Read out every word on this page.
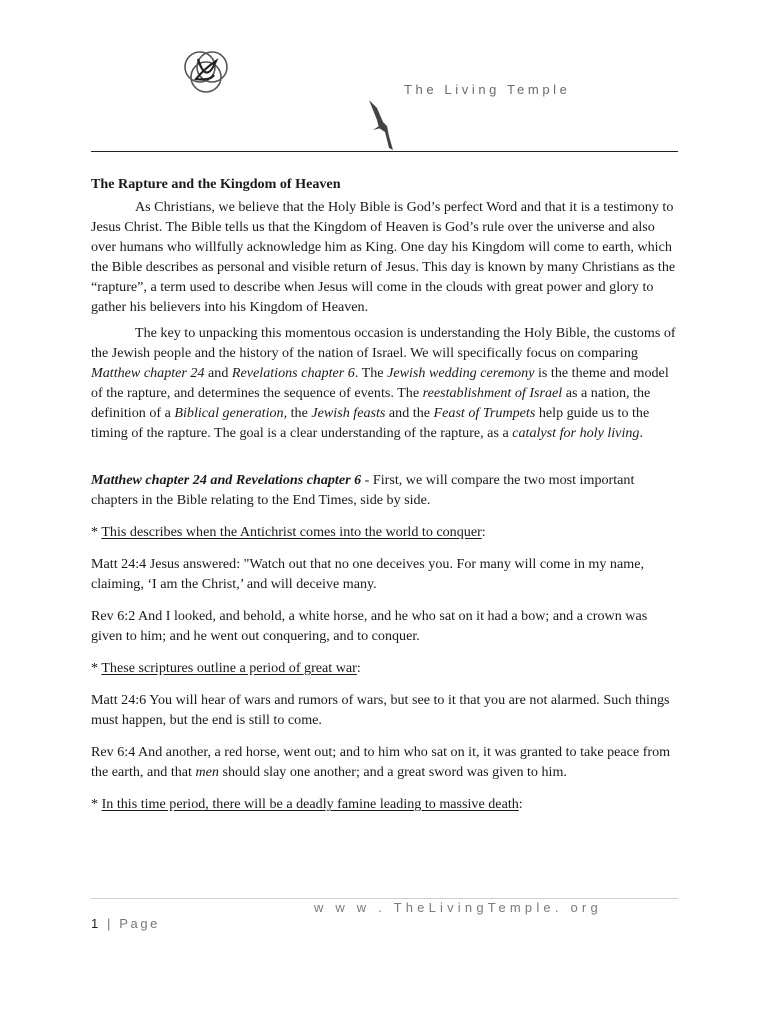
The Living Temple

The Rapture and the Kingdom of Heaven

As Christians, we believe that the Holy Bible is God’s perfect Word and that it is a testimony to Jesus Christ. The Bible tells us that the Kingdom of Heaven is God’s rule over the universe and also over humans who willfully acknowledge him as King. One day his Kingdom will come to earth, which the Bible describes as personal and visible return of Jesus. This day is known by many Christians as the “rapture”, a term used to describe when Jesus will come in the clouds with great power and glory to gather his believers into his Kingdom of Heaven.

The key to unpacking this momentous occasion is understanding the Holy Bible, the customs of the Jewish people and the history of the nation of Israel. We will specifically focus on comparing Matthew chapter 24 and Revelations chapter 6. The Jewish wedding ceremony is the theme and model of the rapture, and determines the sequence of events. The reestablishment of Israel as a nation, the definition of a Biblical generation, the Jewish feasts and the Feast of Trumpets help guide us to the timing of the rapture. The goal is a clear understanding of the rapture, as a catalyst for holy living.

Matthew chapter 24 and Revelations chapter 6 - First, we will compare the two most important chapters in the Bible relating to the End Times, side by side.

* This describes when the Antichrist comes into the world to conquer:

Matt 24:4 Jesus answered: "Watch out that no one deceives you. For many will come in my name, claiming, ‘I am the Christ,’ and will deceive many.

Rev 6:2 And I looked, and behold, a white horse, and he who sat on it had a bow; and a crown was given to him; and he went out conquering, and to conquer.

* These scriptures outline a period of great war:

Matt 24:6 You will hear of wars and rumors of wars, but see to it that you are not alarmed. Such things must happen, but the end is still to come.

Rev 6:4 And another, a red horse, went out; and to him who sat on it, it was granted to take peace from the earth, and that men should slay one another; and a great sword was given to him.

* In this time period, there will be a deadly famine leading to massive death:

w w w . TheLivingTemple. org
1 | Page
